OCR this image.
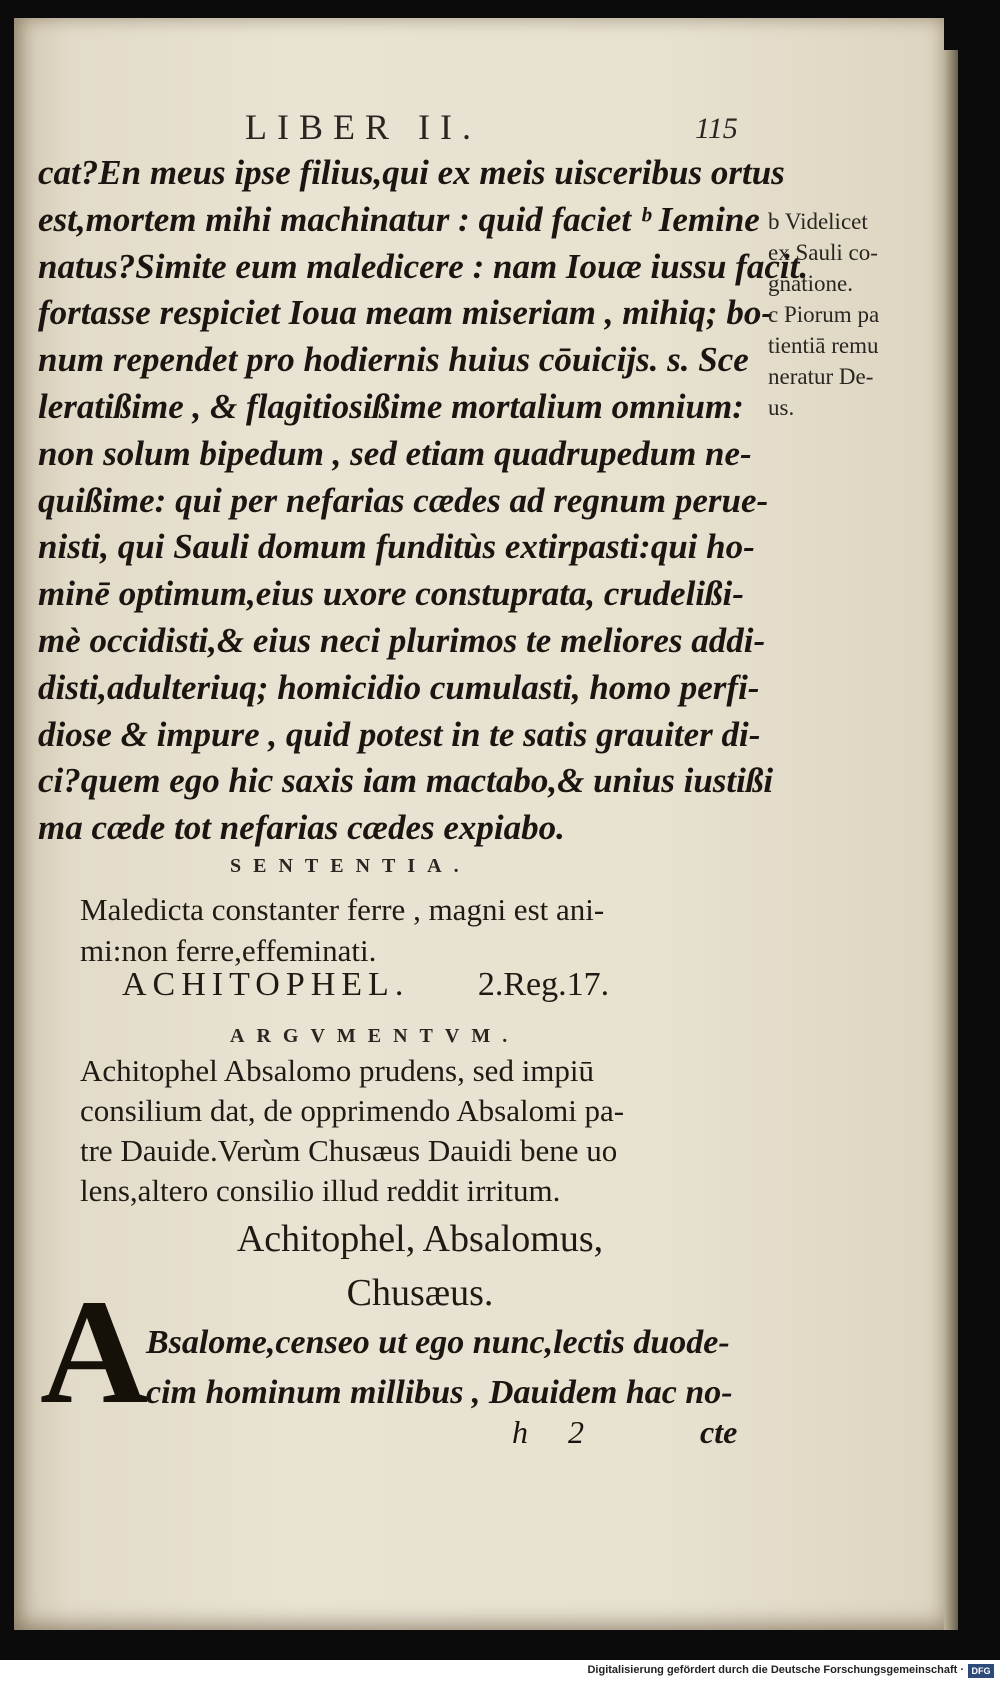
LIBER II.	115
cat?En meus ipse filius,qui ex meis uisceribus ortus
est,mortem mihi machinatur : quid faciet ᵇ Iemine
natus?Simite eum maledicere : nam Iouæ iussu facit.
fortasse respiciet Ioua meam miseriam , mihiq; bo-
num rependet pro hodiernis huius cōuicijs. s. Sce
leratißime , & flagitiosißime mortalium omnium:
non solum bipedum , sed etiam quadrupedum ne-
quißime: qui per nefarias cædes ad regnum perue-
nisti, qui Sauli domum funditùs extirpasti:qui ho-
minē optimum,eius uxore constuprata, crudelißi-
mè occidisti,& eius neci plurimos te meliores addi-
disti,adulteriuq; homicidio cumulasti, homo perfi-
diose & impure , quid potest in te satis grauiter di-
ci?quem ego hic saxis iam mactabo,& unius iustißi
ma cæde tot nefarias cædes expiabo.
b Videlicet
ex Sauli co-
gnatione.
c Piorum pa
tientiā remu
neratur De-
us.
SENTENTIA.
Maledicta constanter ferre , magni est ani-
mi:non ferre,effeminati.
ACHITOPHEL. 2.Reg.17.
ARGVMENTVM.
Achitophel Absalomo prudens, sed impiū
consilium dat, de opprimendo Absalomi pa-
tre Dauide.Verùm Chusæus Dauidi bene uo
lens,altero consilio illud reddit irritum.
Achitophel, Absalomus,
Chusæus.
A
Bsalome,censeo ut ego nunc,lectis duode-
cim hominum millibus , Dauidem hac no-
h 2	cte
Digitalisierung gefördert durch die Deutsche Forschungsgemeinschaft · DFG
